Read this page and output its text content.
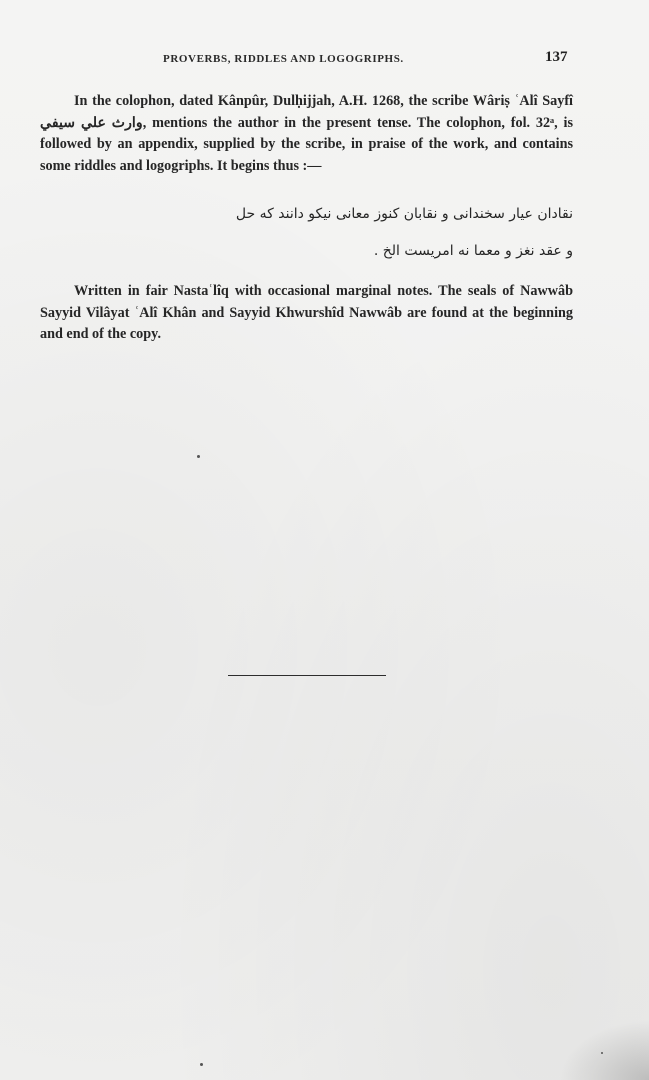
PROVERBS, RIDDLES AND LOGOGRIPHS.	137
In the colophon, dated Kânpûr, Dulḥijjah, A.H. 1268, the scribe Wâriṣ ʿAlî Sayfî وارث علي سيفي, mentions the author in the present tense. The colophon, fol. 32ᵃ, is followed by an appendix, supplied by the scribe, in praise of the work, and contains some riddles and logogriphs. It begins thus :—
نقادان عیار سخندانی و نقابان کنوز معانی نیکو دانند که حل
و عقد نغز و معما نه امریست الخ .
Written in fair Nastaʿlîq with occasional marginal notes. The seals of Nawwâb Sayyid Vilâyat ʿAlî Khân and Sayyid Khwurshîd Nawwâb are found at the beginning and end of the copy.
